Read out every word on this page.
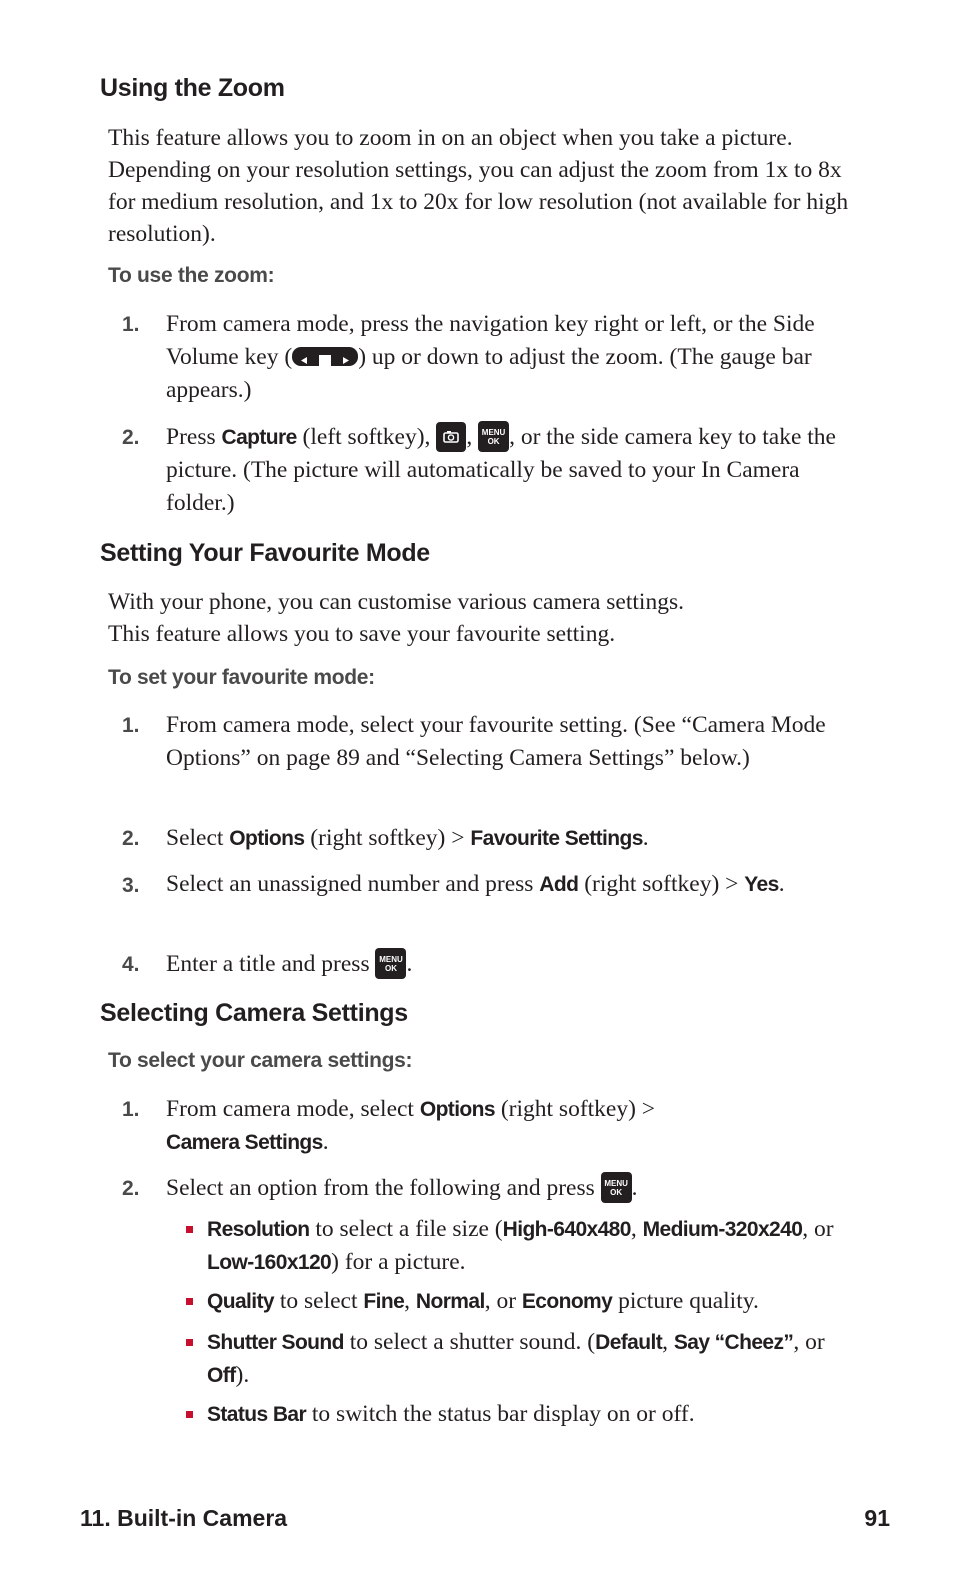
Using the Zoom

This feature allows you to zoom in on an object when you take a picture. Depending on your resolution settings, you can adjust the zoom from 1x to 8x for medium resolution, and 1x to 20x for low resolution (not available for high resolution).

To use the zoom:

1. From camera mode, press the navigation key right or left, or the Side Volume key (	) up or down to adjust the zoom. (The gauge bar appears.)
2. Press Capture (left softkey), , MENU
OK , or the side camera key to take the picture. (The picture will automatically be saved to your In Camera folder.)
Setting Your Favourite Mode

With your phone, you can customise various camera settings.

This feature allows you to save your favourite setting.

To set your favourite mode:

1. From camera mode, select your favourite setting. (See “Camera Mode Options” on page 89 and “Selecting Camera Settings” below.)
2. Select Options (right softkey) > Favourite Settings.
3. Select an unassigned number and press Add (right softkey) > Yes.
4. Enter a title and press MENU
OK .
Selecting Camera Settings

To select your camera settings:

1. From camera mode, select Options (right softkey) >
Camera Settings.
2. Select an option from the following and press MENU
OK .
Resolution to select a file size (High-640x480, Medium-320x240, or Low-160x120) for a picture.
Quality to select Fine, Normal, or Economy picture quality.
Shutter Sound to select a shutter sound. (Default, Say “Cheez”, or Off).
Status Bar to switch the status bar display on or off.
11. Built-in Camera	91
